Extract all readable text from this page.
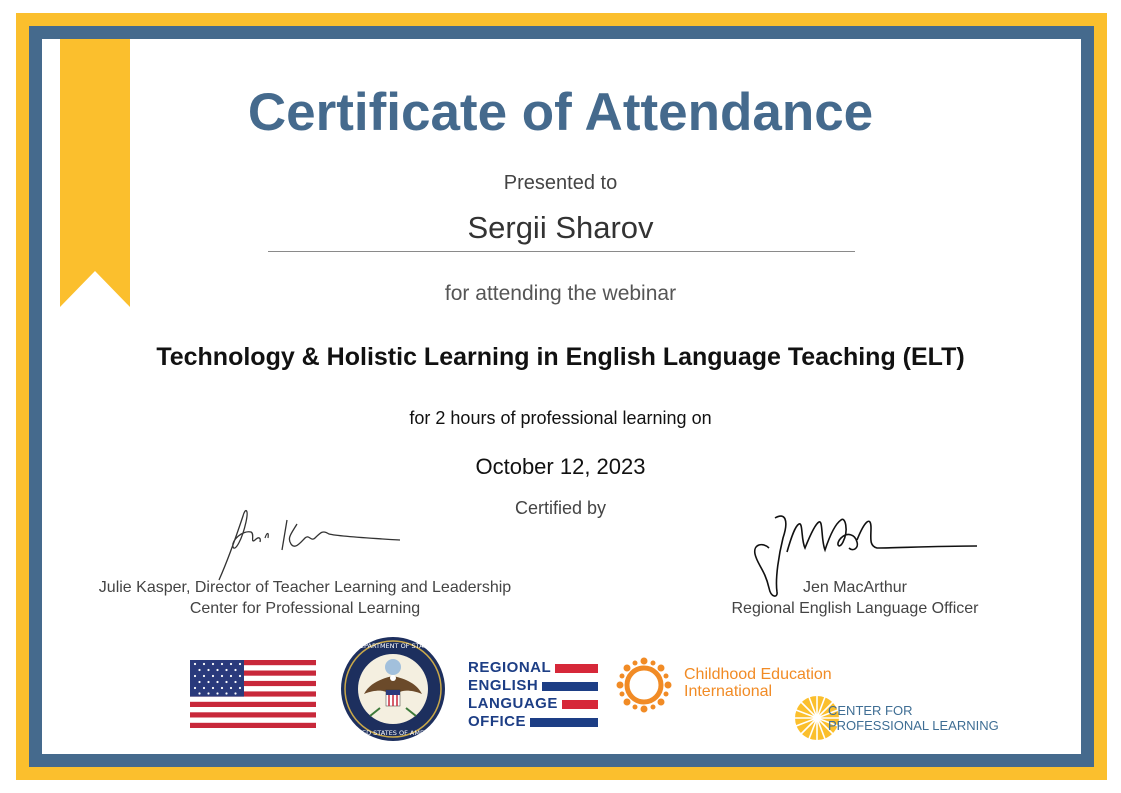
Certificate of Attendance
Presented to
Sergii Sharov
for attending the webinar
Technology & Holistic Learning in English Language Teaching (ELT)
for 2 hours of professional learning on
October 12, 2023
Certified by
Julie Kasper, Director of Teacher Learning and Leadership
Center for Professional Learning
Jen MacArthur
Regional English Language Officer
DEPARTMENT OF STATE
UNITED STATES OF AMERICA
REGIONAL
ENGLISH
LANGUAGE
OFFICE
Childhood Education
International
CENTER FOR
PROFESSIONAL LEARNING
